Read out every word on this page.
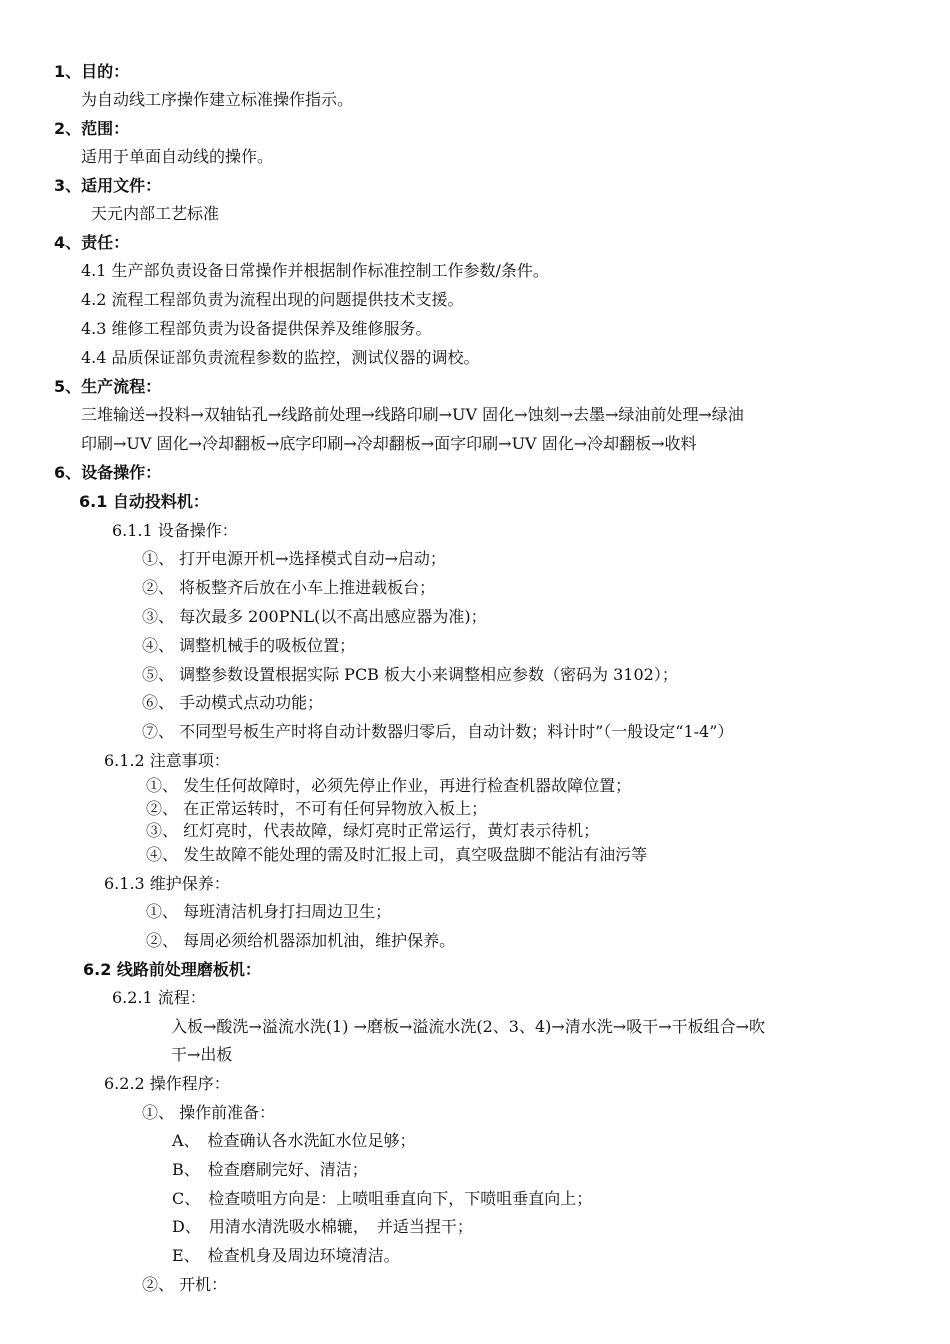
1、目的：
为自动线工序操作建立标准操作指示。
2、范围：
适用于单面自动线的操作。
3、适用文件：
天元内部工艺标准
4、责任：
4.1 生产部负责设备日常操作并根据制作标准控制工作参数/条件。
4.2 流程工程部负责为流程出现的问题提供技术支援。
4.3 维修工程部负责为设备提供保养及维修服务。
4.4 品质保证部负责流程参数的监控，测试仪器的调校。
5、生产流程：
三堆输送→投料→双轴钻孔→线路前处理→线路印刷→UV 固化→蚀刻→去墨→绿油前处理→绿油
印刷→UV 固化→冷却翻板→底字印刷→冷却翻板→面字印刷→UV 固化→冷却翻板→收料
6、设备操作：
6.1 自动投料机：
6.1.1 设备操作：
①、 打开电源开机→选择模式自动→启动；
②、 将板整齐后放在小车上推进载板台；
③、 每次最多 200PNL(以不高出感应器为准)；
④、 调整机械手的吸板位置；
⑤、 调整参数设置根据实际 PCB 板大小来调整相应参数（密码为 3102）；
⑥、 手动模式点动功能；
⑦、 不同型号板生产时将自动计数器归零后，自动计数；料计时”（一般设定“1-4”）
6.1.2 注意事项：
①、 发生任何故障时，必须先停止作业，再进行检查机器故障位置；
②、 在正常运转时，不可有任何异物放入板上；
③、 红灯亮时，代表故障，绿灯亮时正常运行，黄灯表示待机；
④、 发生故障不能处理的需及时汇报上司，真空吸盘脚不能沾有油污等
6.1.3 维护保养：
①、 每班清洁机身打扫周边卫生；
②、 每周必须给机器添加机油，维护保养。
6.2 线路前处理磨板机：
6.2.1 流程：
入板→酸洗→溢流水洗(1) →磨板→溢流水洗(2、3、4)→清水洗→吸干→干板组合→吹
干→出板
6.2.2 操作程序：
①、 操作前准备：
A、　检查确认各水洗缸水位足够；
B、　检查磨刷完好、清洁；
C、　检查喷咀方向是：上喷咀垂直向下，下喷咀垂直向上；
D、　用清水清洗吸水棉辘，　并适当捏干；
E、　检查机身及周边环境清洁。
②、 开机：
